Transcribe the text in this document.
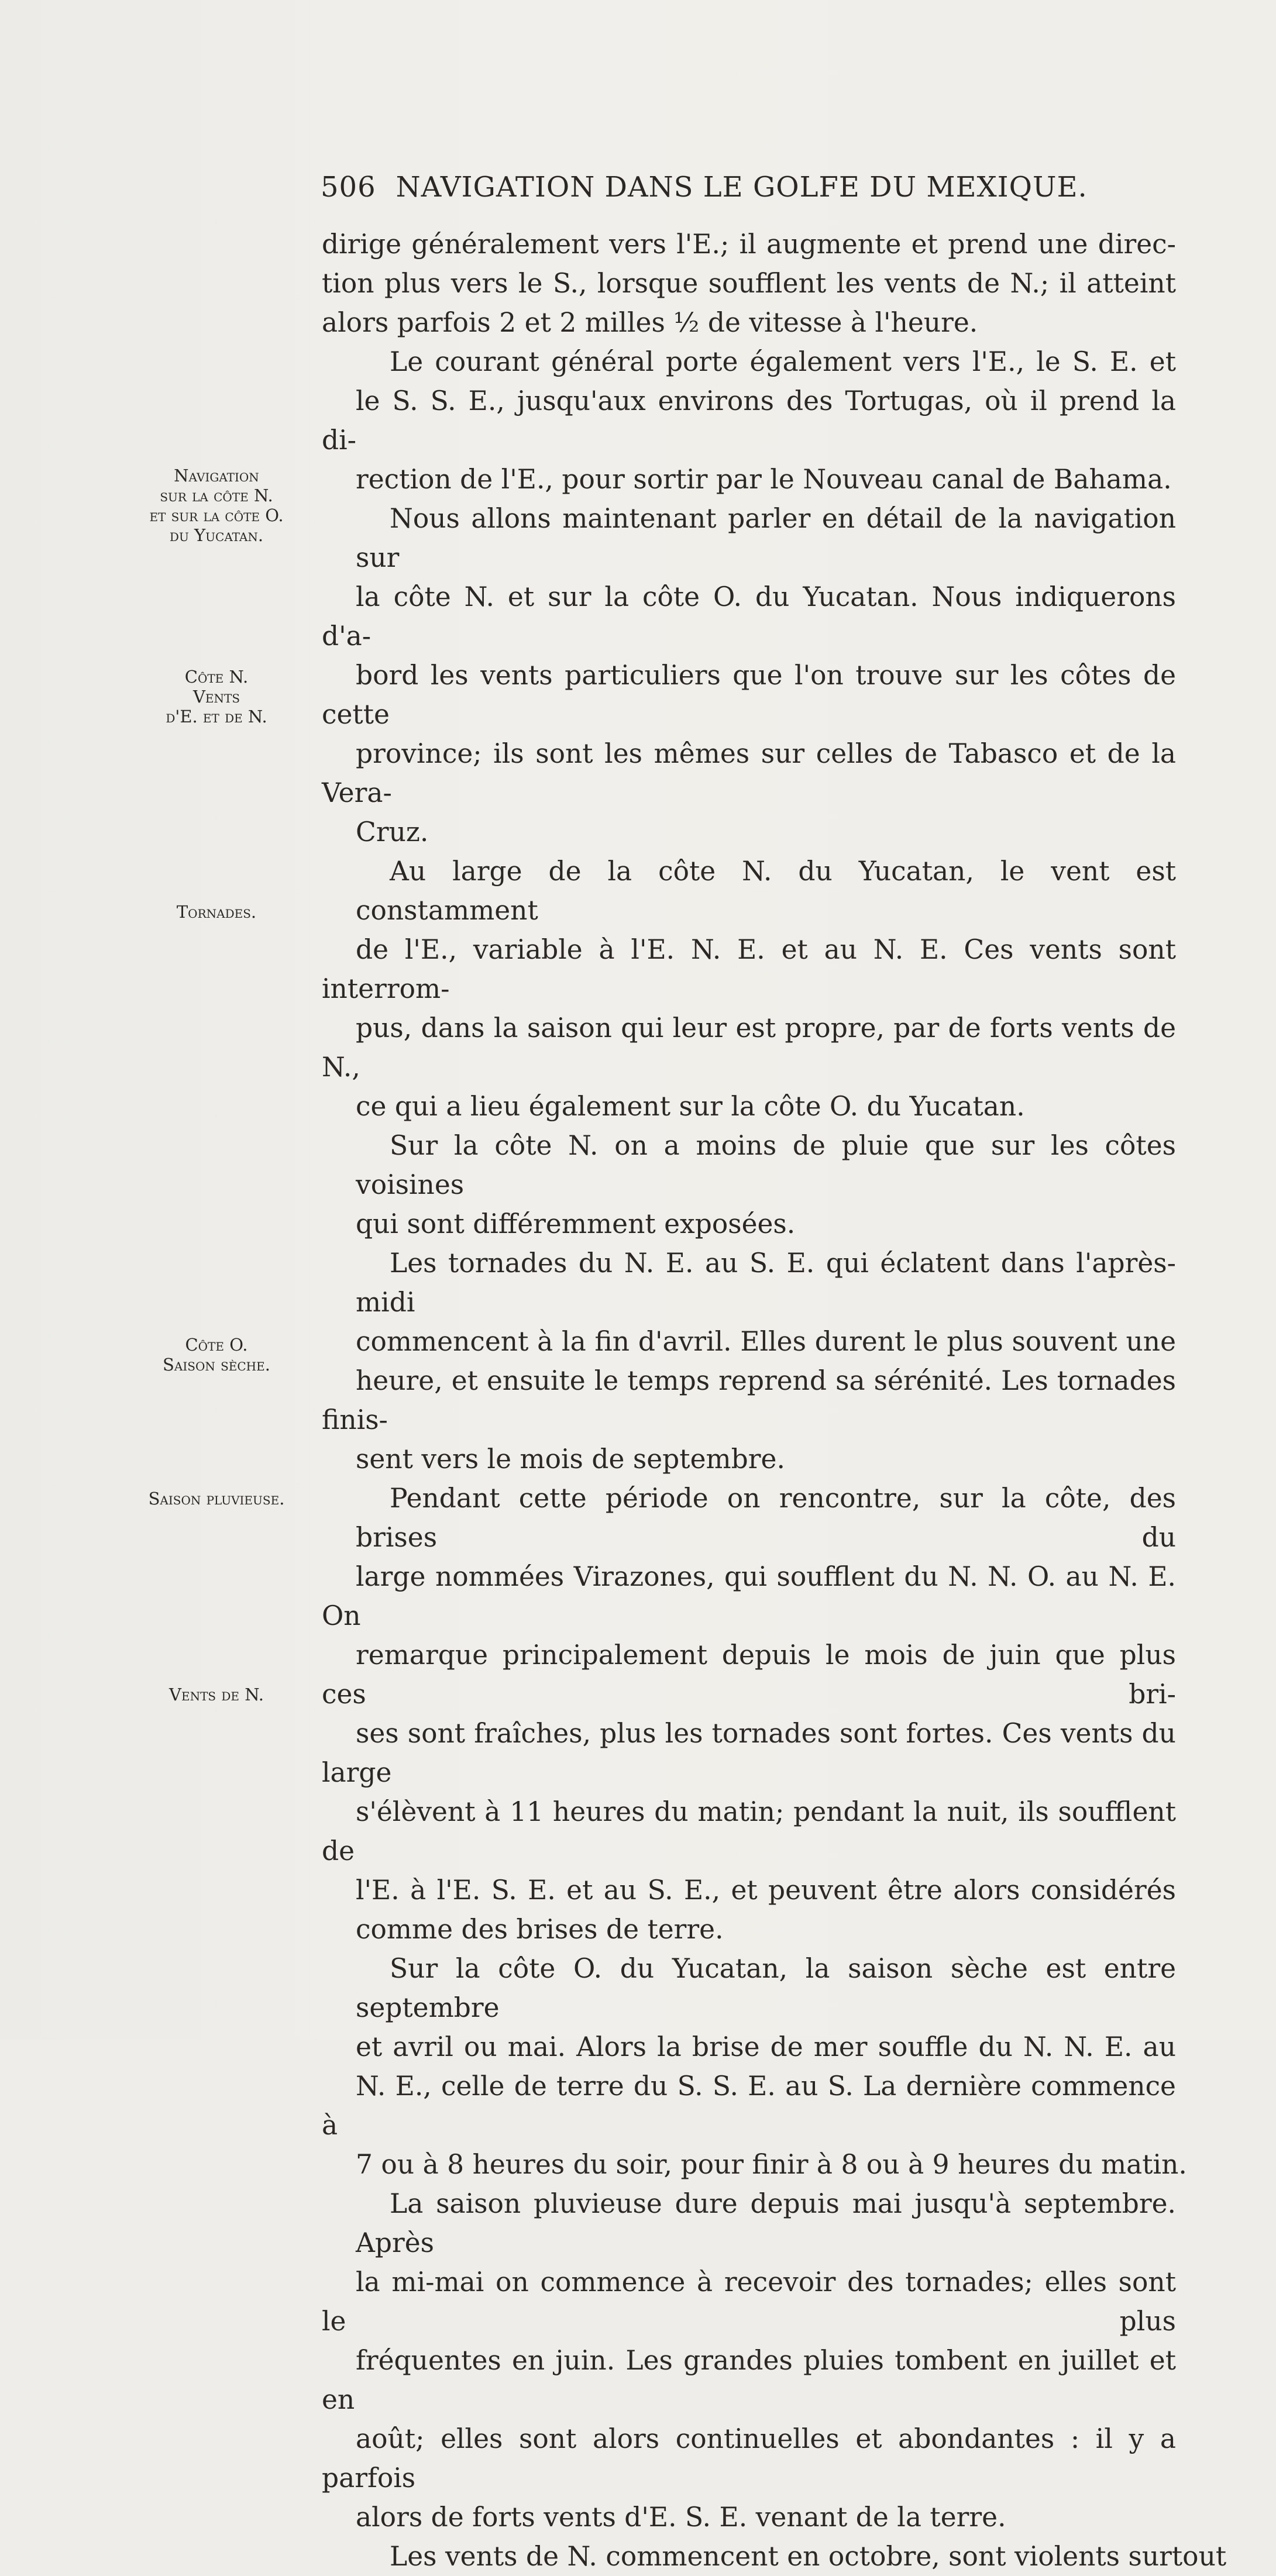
506 NAVIGATION DANS LE GOLFE DU MEXIQUE.
Navigation
sur la côte N.
et sur la côte O.
du Yucatan.
Côte N.
Vents
d'E. et de N.
Tornades.
Côte O.
Saison sèche.
Saison pluvieuse.
Vents de N.

dirige généralement vers l'E.; il augmente et prend une direc-tion plus vers le S., lorsque soufflent les vents de N.; il atteintalors parfois 2 et 2 milles ½ de vitesse à l'heure.

Le courant général porte également vers l'E., le S. E. etle S. S. E., jusqu'aux environs des Tortugas, où il prend la di-rection de l'E., pour sortir par le Nouveau canal de Bahama.

Nous allons maintenant parler en détail de la navigation surla côte N. et sur la côte O. du Yucatan. Nous indiquerons d'a-bord les vents particuliers que l'on trouve sur les côtes de cetteprovince; ils sont les mêmes sur celles de Tabasco et de la Vera-Cruz.

Au large de la côte N. du Yucatan, le vent est constammentde l'E., variable à l'E. N. E. et au N. E. Ces vents sont interrom-pus, dans la saison qui leur est propre, par de forts vents de N.,ce qui a lieu également sur la côte O. du Yucatan.

Sur la côte N. on a moins de pluie que sur les côtes voisinesqui sont différemment exposées.

Les tornades du N. E. au S. E. qui éclatent dans l'après-midicommencent à la fin d'avril. Elles durent le plus souvent uneheure, et ensuite le temps reprend sa sérénité. Les tornades finis-sent vers le mois de septembre.

Pendant cette période on rencontre, sur la côte, des brises dularge nommées Virazones, qui soufflent du N. N. O. au N. E. Onremarque principalement depuis le mois de juin que plus ces bri-ses sont fraîches, plus les tornades sont fortes. Ces vents du larges'élèvent à 11 heures du matin; pendant la nuit, ils soufflent del'E. à l'E. S. E. et au S. E., et peuvent être alors considéréscomme des brises de terre.

Sur la côte O. du Yucatan, la saison sèche est entre septembreet avril ou mai. Alors la brise de mer souffle du N. N. E. auN. E., celle de terre du S. S. E. au S. La dernière commence à7 ou à 8 heures du soir, pour finir à 8 ou à 9 heures du matin.

La saison pluvieuse dure depuis mai jusqu'à septembre. Aprèsla mi-mai on commence à recevoir des tornades; elles sont le plusfréquentes en juin. Les grandes pluies tombent en juillet et enaoût; elles sont alors continuelles et abondantes : il y a parfoisalors de forts vents d'E. S. E. venant de la terre.

Les vents de N. commencent en octobre, sont violents surtout
